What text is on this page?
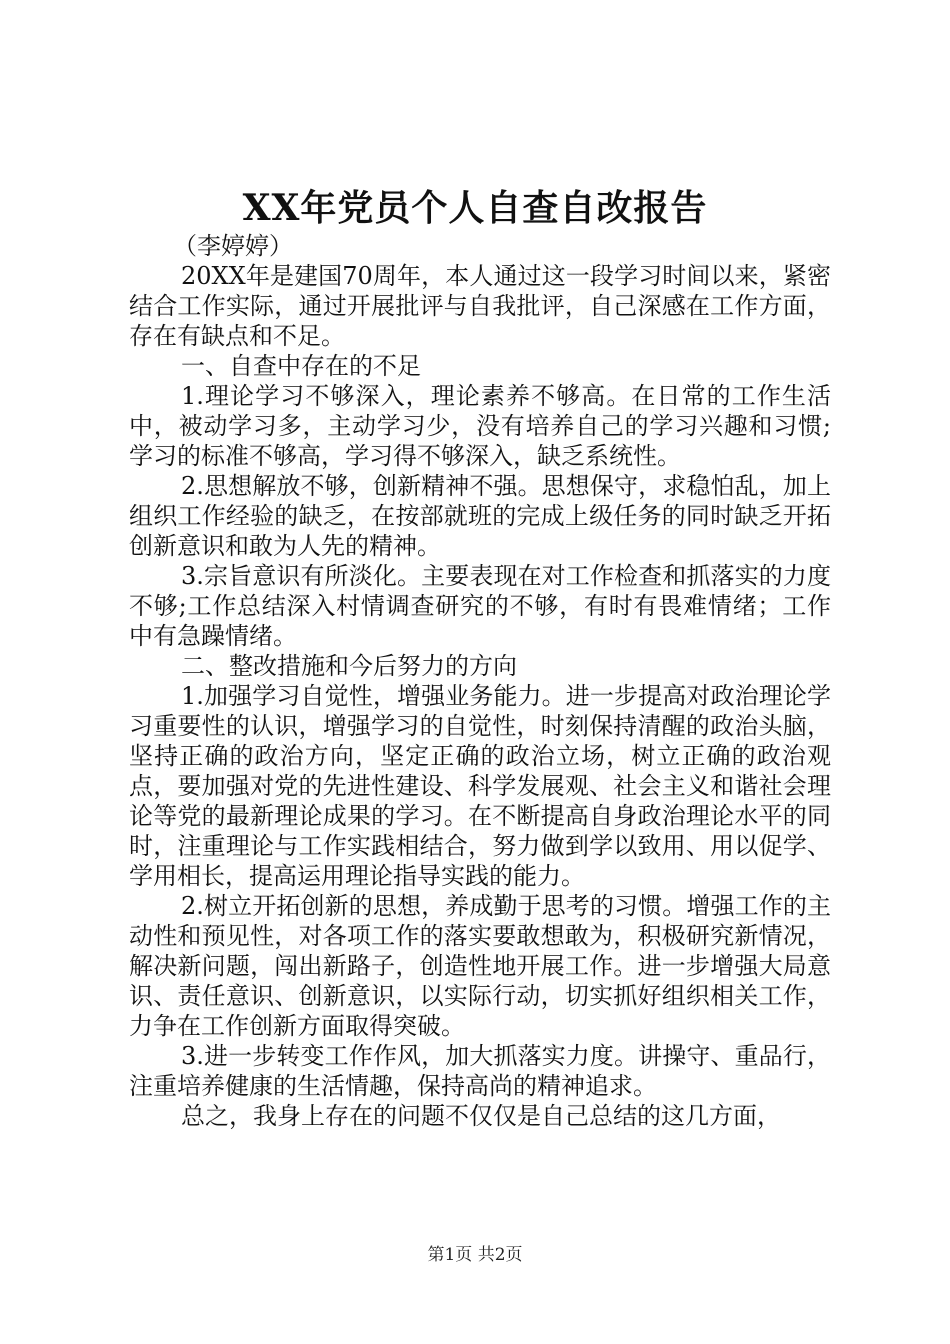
XX年党员个人自查自改报告

（李婷婷）

20XX年是建国70周年，本人通过这一段学习时间以来，紧密结合工作实际，通过开展批评与自我批评，自己深感在工作方面，存在有缺点和不足。

一、自查中存在的不足

1.理论学习不够深入，理论素养不够高。在日常的工作生活中，被动学习多，主动学习少，没有培养自己的学习兴趣和习惯;学习的标准不够高，学习得不够深入，缺乏系统性。

2.思想解放不够，创新精神不强。思想保守，求稳怕乱，加上组织工作经验的缺乏，在按部就班的完成上级任务的同时缺乏开拓创新意识和敢为人先的精神。

3.宗旨意识有所淡化。主要表现在对工作检查和抓落实的力度不够;工作总结深入村情调查研究的不够，有时有畏难情绪；工作中有急躁情绪。

二、整改措施和今后努力的方向

1.加强学习自觉性，增强业务能力。进一步提高对政治理论学习重要性的认识，增强学习的自觉性，时刻保持清醒的政治头脑，坚持正确的政治方向，坚定正确的政治立场，树立正确的政治观点，要加强对党的先进性建设、科学发展观、社会主义和谐社会理论等党的最新理论成果的学习。在不断提高自身政治理论水平的同时，注重理论与工作实践相结合，努力做到学以致用、用以促学、学用相长，提高运用理论指导实践的能力。

2.树立开拓创新的思想，养成勤于思考的习惯。增强工作的主动性和预见性，对各项工作的落实要敢想敢为，积极研究新情况，解决新问题，闯出新路子，创造性地开展工作。进一步增强大局意识、责任意识、创新意识，以实际行动，切实抓好组织相关工作，力争在工作创新方面取得突破。

3.进一步转变工作作风，加大抓落实力度。讲操守、重品行，注重培养健康的生活情趣，保持高尚的精神追求。

总之，我身上存在的问题不仅仅是自己总结的这几方面，

第1页 共2页
